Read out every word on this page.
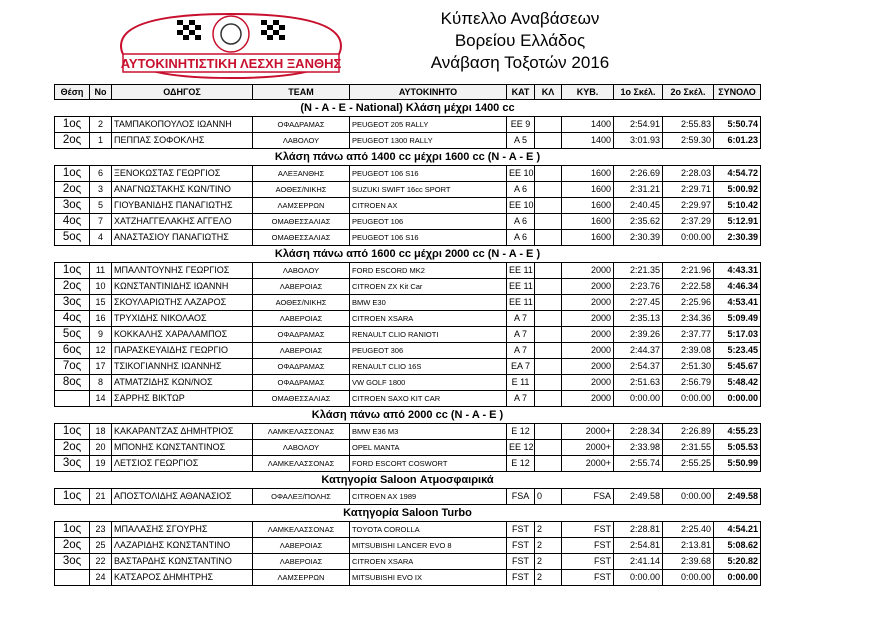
ΑΥΤΟΚΙΝΗΤΙΣΤΙΚΗ ΛΕΣΧΗ ΞΑΝΘΗΣ
Κύπελλο Αναβάσεων
Βορείου Ελλάδος
Ανάβαση Τοξοτών 2016
Θέση	Νο	ΟΔΗΓΟΣ	TEAM	ΑΥΤΟΚΙΝΗΤΟ	ΚΑΤ	ΚΛ	ΚΥΒ.	1ο Σκέλ.	2ο Σκέλ.	ΣΥΝΟΛΟ
(N - A - E - National) Κλάση μέχρι 1400 cc										
1ος	2	ΤΑΜΠΑΚΟΠΟΥΛΟΣ ΙΩΑΝΝΗ	ΟΦΑΔΡΑΜΑΣ	PEUGEOT 205 RALLY	EE 9		1400	2:54.91	2:55.83	5:50.74
2ος	1	ΠΕΠΠΑΣ ΣΟΦΟΚΛΗΣ	ΛΑΒΟΛΟΥ	PEUGEOT 1300 RALLY	A 5		1400	3:01.93	2:59.30	6:01.23
Κλάση πάνω από 1400 cc μέχρι 1600 cc (N - A - E )										
1ος	6	ΞΕΝΟΚΩΣΤΑΣ ΓΕΩΡΓΙΟΣ	ΑΛΕΞΑΝΘΗΣ	PEUGEOT 106 S16	EE 10		1600	2:26.69	2:28.03	4:54.72
2ος	3	ΑΝΑΓΝΩΣΤΑΚΗΣ ΚΩΝ/ΤΙΝΟ	ΑΟΘΕΣ/ΝΙΚΗΣ	SUZUKI SWIFT 16cc SPORT	A 6		1600	2:31.21	2:29.71	5:00.92
3ος	5	ΓΙΟΥΒΑΝΙΔΗΣ ΠΑΝΑΓΙΩΤΗΣ	ΛΑΜΣΕΡΡΩΝ	CITROEN AX	EE 10		1600	2:40.45	2:29.97	5:10.42
4ος	7	ΧΑΤΖΗΑΓΓΕΛΑΚΗΣ ΑΓΓΕΛΟ	ΟΜΑΘΕΣΣΑΛΙΑΣ	PEUGEOT 106	A 6		1600	2:35.62	2:37.29	5:12.91
5ος	4	ΑΝΑΣΤΑΣΙΟΥ ΠΑΝΑΓΙΩΤΗΣ	ΟΜΑΘΕΣΣΑΛΙΑΣ	PEUGEOT 106 S16	A 6		1600	2:30.39	0:00.00	2:30.39
Κλάση πάνω από 1600 cc μέχρι 2000 cc (N - A - E )										
1ος	11	ΜΠΑΛΝΤΟΥΝΗΣ ΓΕΩΡΓΙΟΣ	ΛΑΒΟΛΟΥ	FORD ESCORD MK2	EE 11		2000	2:21.35	2:21.96	4:43.31
2ος	10	ΚΩΝΣΤΑΝΤΙΝΙΔΗΣ ΙΩΑΝΝΗ	ΛΑΒΕΡΟΙΑΣ	CITROEN ZX Kit Car	EE 11		2000	2:23.76	2:22.58	4:46.34
3ος	15	ΣΚΟΥΛΑΡΙΩΤΗΣ ΛΑΖΑΡΟΣ	ΑΟΘΕΣ/ΝΙΚΗΣ	BMW E30	EE 11		2000	2:27.45	2:25.96	4:53.41
4ος	16	ΤΡΥΧΙΔΗΣ ΝΙΚΟΛΑΟΣ	ΛΑΒΕΡΟΙΑΣ	CITROEN XSARA	A 7		2000	2:35.13	2:34.36	5:09.49
5ος	9	ΚΟΚΚΑΛΗΣ ΧΑΡΑΛΑΜΠΟΣ	ΟΦΑΔΡΑΜΑΣ	RENAULT CLIO RANIOTI	A 7		2000	2:39.26	2:37.77	5:17.03
6ος	12	ΠΑΡΑΣΚΕΥΑΙΔΗΣ ΓΕΩΡΓΙΟ	ΛΑΒΕΡΟΙΑΣ	PEUGEOT 306	A 7		2000	2:44.37	2:39.08	5:23.45
7ος	17	ΤΣΙΚΟΓΙΑΝΝΗΣ ΙΩΑΝΝΗΣ	ΟΦΑΔΡΑΜΑΣ	RENAULT CLIO 16S	EA 7		2000	2:54.37	2:51.30	5:45.67
8ος	8	ΑΤΜΑΤΖΙΔΗΣ ΚΩΝ/ΝΟΣ	ΟΦΑΔΡΑΜΑΣ	VW GOLF 1800	E 11		2000	2:51.63	2:56.79	5:48.42
	14	ΣΑΡΡΗΣ ΒΙΚΤΩΡ	ΟΜΑΘΕΣΣΑΛΙΑΣ	CITROEN SAXO KIT CAR	A 7		2000	0:00.00	0:00.00	0:00.00
Κλάση πάνω από 2000 cc (N - A - E )										
1ος	18	ΚΑΚΑΡΑΝΤΖΑΣ ΔΗΜΗΤΡΙΟΣ	ΛΑΜΚΕΛΑΣΣΟΝΑΣ	BMW E36 M3	E 12		2000+	2:28.34	2:26.89	4:55.23
2ος	20	ΜΠΟΝΗΣ ΚΩΝΣΤΑΝΤΙΝΟΣ	ΛΑΒΟΛΟΥ	OPEL MANTA	EE 12		2000+	2:33.98	2:31.55	5:05.53
3ος	19	ΛΕΤΣΙΟΣ ΓΕΩΡΓΙΟΣ	ΛΑΜΚΕΛΑΣΣΟΝΑΣ	FORD ESCORT COSWORT	E 12		2000+	2:55.74	2:55.25	5:50.99
Κατηγορία Saloon Ατμοσφαιρικά										
1ος	21	ΑΠΟΣΤΟΛΙΔΗΣ ΑΘΑΝΑΣΙΟΣ	ΟΦΑΛΕΞ/ΠΟΛΗΣ	CITROEN AX 1989	FSA	0	FSA	2:49.58	0:00.00	2:49.58
Κατηγορία Saloon Turbo										
1ος	23	ΜΠΑΛΑΣΗΣ ΣΓΟΥΡΗΣ	ΛΑΜΚΕΛΑΣΣΟΝΑΣ	TOYOTA COROLLA	FST	2	FST	2:28.81	2:25.40	4:54.21
2ος	25	ΛΑΖΑΡΙΔΗΣ ΚΩΝΣΤΑΝΤΙΝΟ	ΛΑΒΕΡΟΙΑΣ	MITSUBISHI LANCER EVO 8	FST	2	FST	2:54.81	2:13.81	5:08.62
3ος	22	ΒΑΣΤΑΡΔΗΣ ΚΩΝΣΤΑΝΤΙΝΟ	ΛΑΒΕΡΟΙΑΣ	CITROEN XSARA	FST	2	FST	2:41.14	2:39.68	5:20.82
	24	ΚΑΤΣΑΡΟΣ ΔΗΜΗΤΡΗΣ	ΛΑΜΣΕΡΡΩΝ	MITSUBISHI EVO IX	FST	2	FST	0:00.00	0:00.00	0:00.00
